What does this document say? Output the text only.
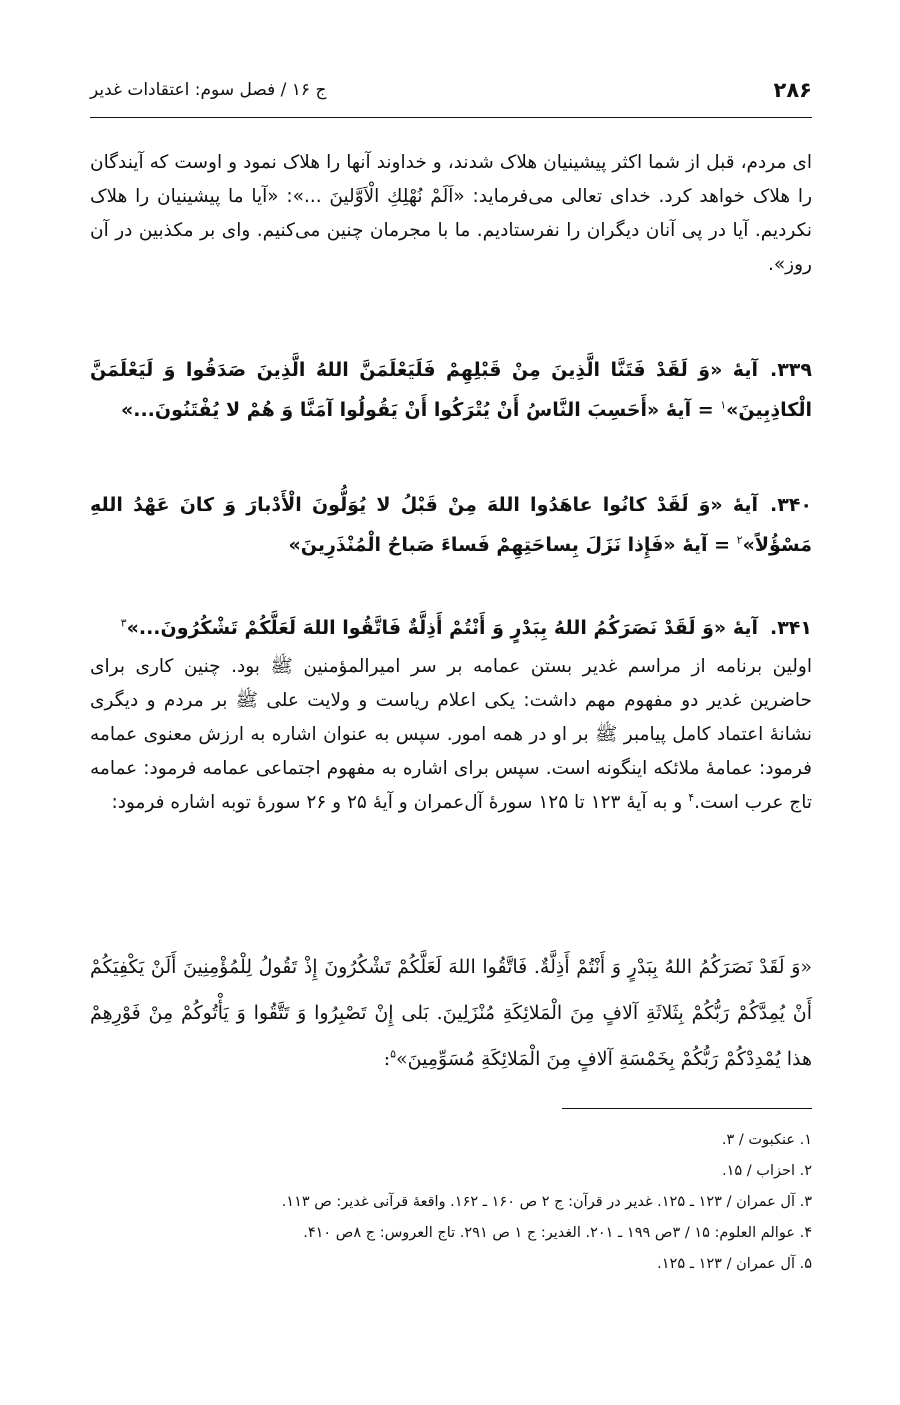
۲۸۶
ج ۱۶ / فصل سوم: اعتقادات غدیر

ای مردم، قبل از شما اکثر پیشینیان هلاک شدند، و خداوند آنها را هلاک نمود و اوست که آیندگان را هلاک خواهد کرد. خدای تعالی می‌فرماید: «اَلَمْ نُهْلِكِ الْاَوَّلینَ ...»: «آیا ما پیشینیان را هلاک نکردیم. آیا در پی آنان دیگران را نفرستادیم. ما با مجرمان چنین می‌کنیم. وای بر مکذبین در آن روز».

۳۳۹.آیهٔ «وَ لَقَدْ فَتَنَّا الَّذِینَ مِنْ قَبْلِهِمْ فَلَیَعْلَمَنَّ اللهُ الَّذِینَ صَدَقُوا وَ لَیَعْلَمَنَّ الْكاذِبِینَ»$^۱$ = آیهٔ «أَحَسِبَ النَّاسُ أَنْ یُتْرَكُوا أَنْ یَقُولُوا آمَنَّا وَ هُمْ لا یُفْتَنُونَ...»

۳۴۰.آیهٔ «وَ لَقَدْ كانُوا عاهَدُوا اللهَ مِنْ قَبْلُ لا یُوَلُّونَ الْأَدْبارَ وَ كانَ عَهْدُ اللهِ مَسْؤُلاً»$^۲$ = آیهٔ «فَإِذا نَزَلَ بِساحَتِهِمْ فَساءَ صَباحُ الْمُنْذَرِینَ»

۳۴۱.آیهٔ «وَ لَقَدْ نَصَرَكُمُ اللهُ بِبَدْرٍ وَ أَنْتُمْ أَذِلَّةٌ فَاتَّقُوا اللهَ لَعَلَّكُمْ تَشْكُرُونَ...»$^۳$

اولین برنامه از مراسم غدیر بستن عمامه بر سر امیرالمؤمنین ﷺ بود. چنین کاری برای حاضرین غدیر دو مفهوم مهم داشت: یکی اعلام ریاست و ولایت علی ﷺ بر مردم و دیگری نشانهٔ اعتماد کامل پیامبر ﷺ بر او در همه امور. سپس به عنوان اشاره به ارزش معنوی عمامه فرمود: عمامهٔ ملائکه اینگونه است. سپس برای اشاره به مفهوم اجتماعی عمامه فرمود: عمامه تاج عرب است.$^۴$ و به آیهٔ ۱۲۳ تا ۱۲۵ سورهٔ آل‌عمران و آیهٔ ۲۵ و ۲۶ سورهٔ توبه اشاره فرمود:

«وَ لَقَدْ نَصَرَكُمُ اللهُ بِبَدْرٍ وَ أَنْتُمْ أَذِلَّةٌ. فَاتَّقُوا اللهَ لَعَلَّكُمْ تَشْكُرُونَ إِذْ تَقُولُ لِلْمُؤْمِنِینَ أَلَنْ یَكْفِیَكُمْ أَنْ یُمِدَّكُمْ رَبُّكُمْ بِثَلاثَةِ آلافٍ مِنَ الْمَلائِكَةِ مُنْزَلِینَ. بَلی إِنْ تَصْبِرُوا وَ تَتَّقُوا وَ یَأْتُوكُمْ مِنْ فَوْرِهِمْ هذا یُمْدِدْكُمْ رَبُّكُمْ بِخَمْسَةِ آلافٍ مِنَ الْمَلائِكَةِ مُسَوِّمِینَ»$^۵$:

۱. عنکبوت / ۳.
۲. احزاب / ۱۵.
۳. آل عمران / ۱۲۳ ـ ۱۲۵. غدیر در قرآن: ج ۲ ص ۱۶۰ ـ ۱۶۲. واقعهٔ قرآنی غدیر: ص ۱۱۳.
۴. عوالم العلوم: ۱۵ / ۳ص ۱۹۹ ـ ۲۰۱. الغدیر: ج ۱ ص ۲۹۱. تاج العروس: ج ۸ص ۴۱۰.
۵. آل عمران / ۱۲۳ ـ ۱۲۵.
